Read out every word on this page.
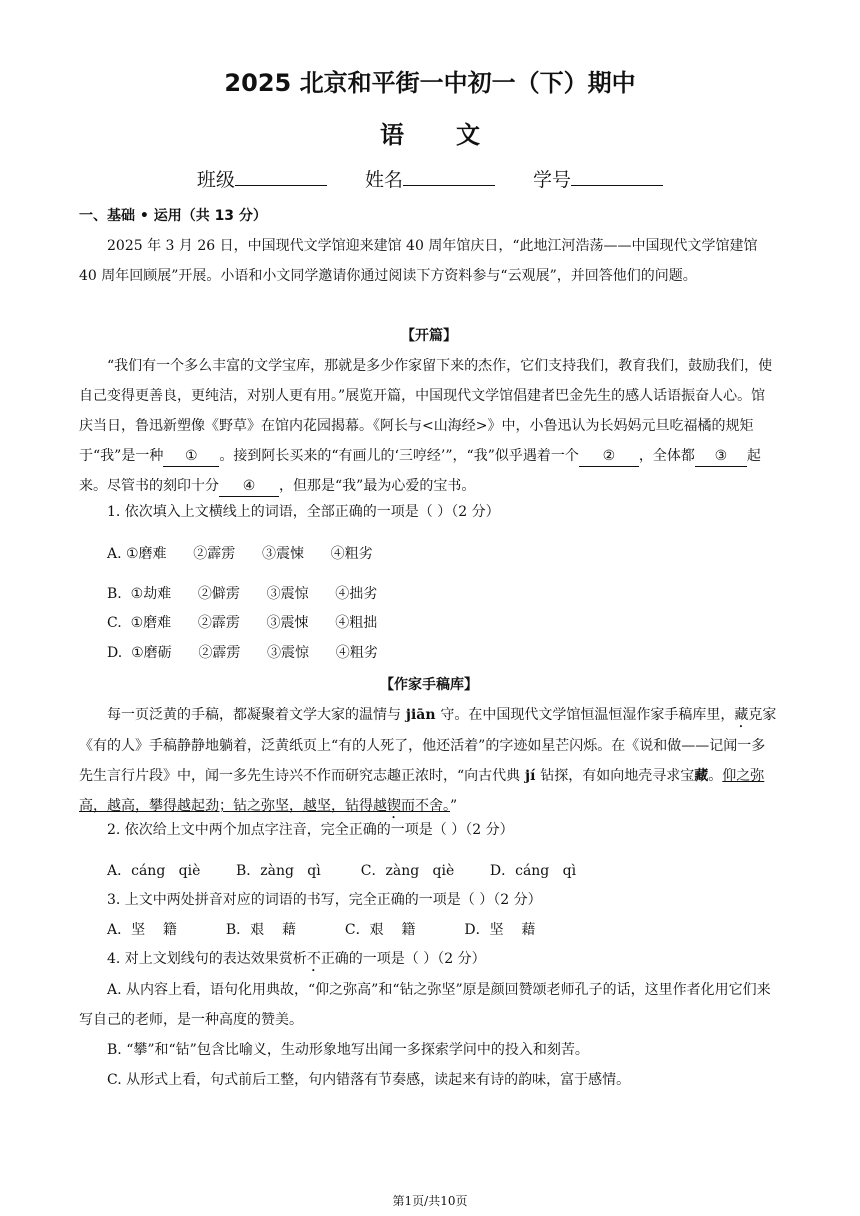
2025 北京和平街一中初一（下）期中
语文
班级	姓名	学号
一、基础 • 运用（共 13 分）
2025 年 3 月 26 日，中国现代文学馆迎来建馆 40 周年馆庆日，“此地江河浩荡——中国现代文学馆建馆 40 周年回顾展”开展。小语和小文同学邀请你通过阅读下方资料参与“云观展”，并回答他们的问题。
【开篇】
“我们有一个多么丰富的文学宝库，那就是多少作家留下来的杰作，它们支持我们，教育我们，鼓励我们，使自己变得更善良，更纯洁，对别人更有用。”展览开篇，中国现代文学馆倡建者巴金先生的感人话语振奋人心。馆庆当日，鲁迅新塑像《野草》在馆内花园揭幕。《阿长与<山海经>》中，小鲁迅认为长妈妈元旦吃福橘的规矩于“我”是一种 ① 。接到阿长买来的“有画儿的‘三哼经’”，“我”似乎遇着一个 ② ，全体都 ③ 起来。尽管书的刻印十分 ④ ，但那是“我”最为心爱的宝书。
1. 依次填入上文横线上的词语，全部正确的一项是（ ）（2 分）
A. ①磨难      ②霹雳      ③震悚      ④粗劣
B.  ①劫难      ②僻雳      ③震惊      ④拙劣
C.  ①磨难      ②霹雳      ③震悚      ④粗拙
D.  ①磨砺      ②霹雳      ③震惊      ④粗劣
【作家手稿库】
每一页泛黄的手稿，都凝聚着文学大家的温情与 jiān 守。在中国现代文学馆恒温恒湿作家手稿库里，藏克家《有的人》手稿静静地躺着，泛黄纸页上“有的人死了，他还活着”的字迹如星芒闪烁。在《说和做——记闻一多先生言行片段》中，闻一多先生诗兴不作而研究志趣正浓时，“向古代典 jí 钻探，有如向地壳寻求宝藏。仰之弥高，越高，攀得越起劲；钻之弥坚，越坚，钻得越锲而不舍。”
2. 依次给上文中两个加点字注音，完全正确的一项是（ ）（2 分）
A．cáng   qiè        B．zàng   qì         C．zàng   qiè        D．cáng   qì
3. 上文中两处拼音对应的词语的书写，完全正确的一项是（ ）（2 分）
A．坚    籍           B．艰    藉           C．艰    籍           D．坚    藉
4. 对上文划线句的表达效果赏析不正确的一项是（ ）（2 分）
A. 从内容上看，语句化用典故，“仰之弥高”和“钻之弥坚”原是颜回赞颂老师孔子的话，这里作者化用它们来写自己的老师，是一种高度的赞美。
B. “攀”和“钻”包含比喻义，生动形象地写出闻一多探索学问中的投入和刻苦。
C. 从形式上看，句式前后工整，句内错落有节奏感，读起来有诗的韵味，富于感情。
第1页/共10页
